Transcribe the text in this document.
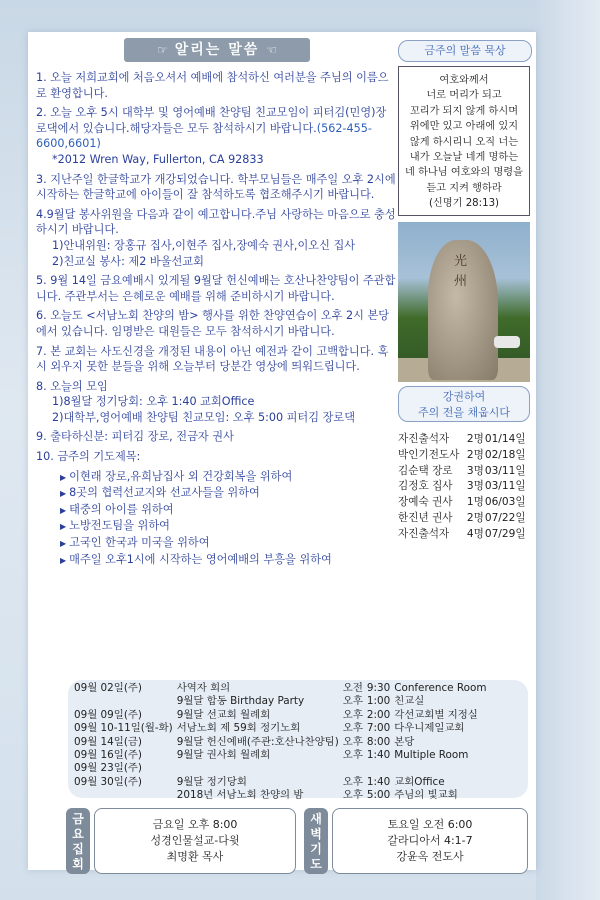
☞ 알리는 말씀 ☜

1. 오늘 저희교회에 처음오셔서 예배에 참석하신 여러분을 주님의 이름으로 환영합니다.

2. 오늘 오후 5시 대학부 및 영어예배 찬양팀 친교모임이 피터김(민영)장로댁에서 있습니다.해당자들은 모두 참석하시기 바랍니다.(562-455-6600,6601)
*2012 Wren Way, Fullerton, CA 92833

3. 지난주일 한글학교가 개강되었습니다. 학부모님들은 매주일 오후 2시에 시작하는 한글학교에 아이들이 잘 참석하도록 협조해주시기 바랍니다.

4.9월달 봉사위원을 다음과 같이 예고합니다.주님 사랑하는 마음으로 충성하시기 바랍니다.
1)안내위원: 장홍규 집사,이현주 집사,장예숙 권사,이오신 집사
2)친교실 봉사: 제2 바울선교회

5. 9월 14일 금요예배시 있게될 9월달 헌신예배는 호산나찬양팀이 주관합니다. 주관부서는 은혜로운 예배를 위해 준비하시기 바랍니다.

6. 오늘도 <서남노회 찬양의 밤> 행사를 위한 찬양연습이 오후 2시 본당에서 있습니다. 임명받은 대원들은 모두 참석하시기 바랍니다.

7. 본 교회는 사도신경을 개정된 내용이 아닌 예전과 같이 고백합니다. 혹시 외우지 못한 분들을 위해 오늘부터 당분간 영상에 띄워드립니다.

8. 오늘의 모임
1)8월달 정기당회: 오후 1:40 교회Office
2)대학부,영어예배 찬양팀 친교모임: 오후 5:00 피터김 장로댁

9. 출타하신분: 피터김 장로, 전금자 권사

10. 금주의 기도제목:

▶ 이현래 장로,유희남집사 외 건강회복을 위하여
▶ 8곳의 협력선교지와 선교사들을 위하여
▶ 태중의 아이를 위하여
▶ 노방전도팀을 위하여
▶ 고국인 한국과 미국을 위하여
▶ 매주일 오후1시에 시작하는 영어예배의 부흥을 위하여
금주의 말씀 묵상
여호와께서
너로 머리가 되고
꼬리가 되지 않게 하시며
위에만 있고 아래에 있지
않게 하시리니 오직 너는
내가 오늘날 네게 명하는
네 하나님 여호와의 명령을
듣고 지켜 행하라
(신명기 28:13)
光州
강권하여
주의 전을 채웁시다
자진출석자	2명	01/14일
박인기전도사	2명	02/18일
김순택 장로	3명	03/11일
김정호 집사	3명	03/11일
장예숙 권사	1명	06/03일
한진년 권사	2명	07/22일
자진출석자	4명	07/29일
09월 02일(주)	사역자 회의	오전	9:30	Conference Room
	9월달 합동 Birthday Party	오후	1:00	친교실
09월 09일(주)	9월달 선교회 월례회	오후	2:00	각선교회별 지정실
09월 10-11일(월-화)	서남노회 제 59회 정기노회	오후	7:00	다우니제일교회
09월 14일(금)	9월달 헌신예배(주관:호산나찬양팀)	오후	8:00	본당
09월 16일(주)	9월달 권사회 월례회	오후	1:40	Multiple Room
09월 23일(주)				
09월 30일(주)	9월달 정기당회	오후	1:40	교회Office
	2018년 서남노회 찬양의 밤	오후	5:00	주님의 빛교회
금
요
집
회
금요일 오후 8:00
성경인물설교-다윗
최명환 목사
새
벽
기
도
토요일 오전 6:00
갈라디아서 4:1-7
강윤옥 전도사
